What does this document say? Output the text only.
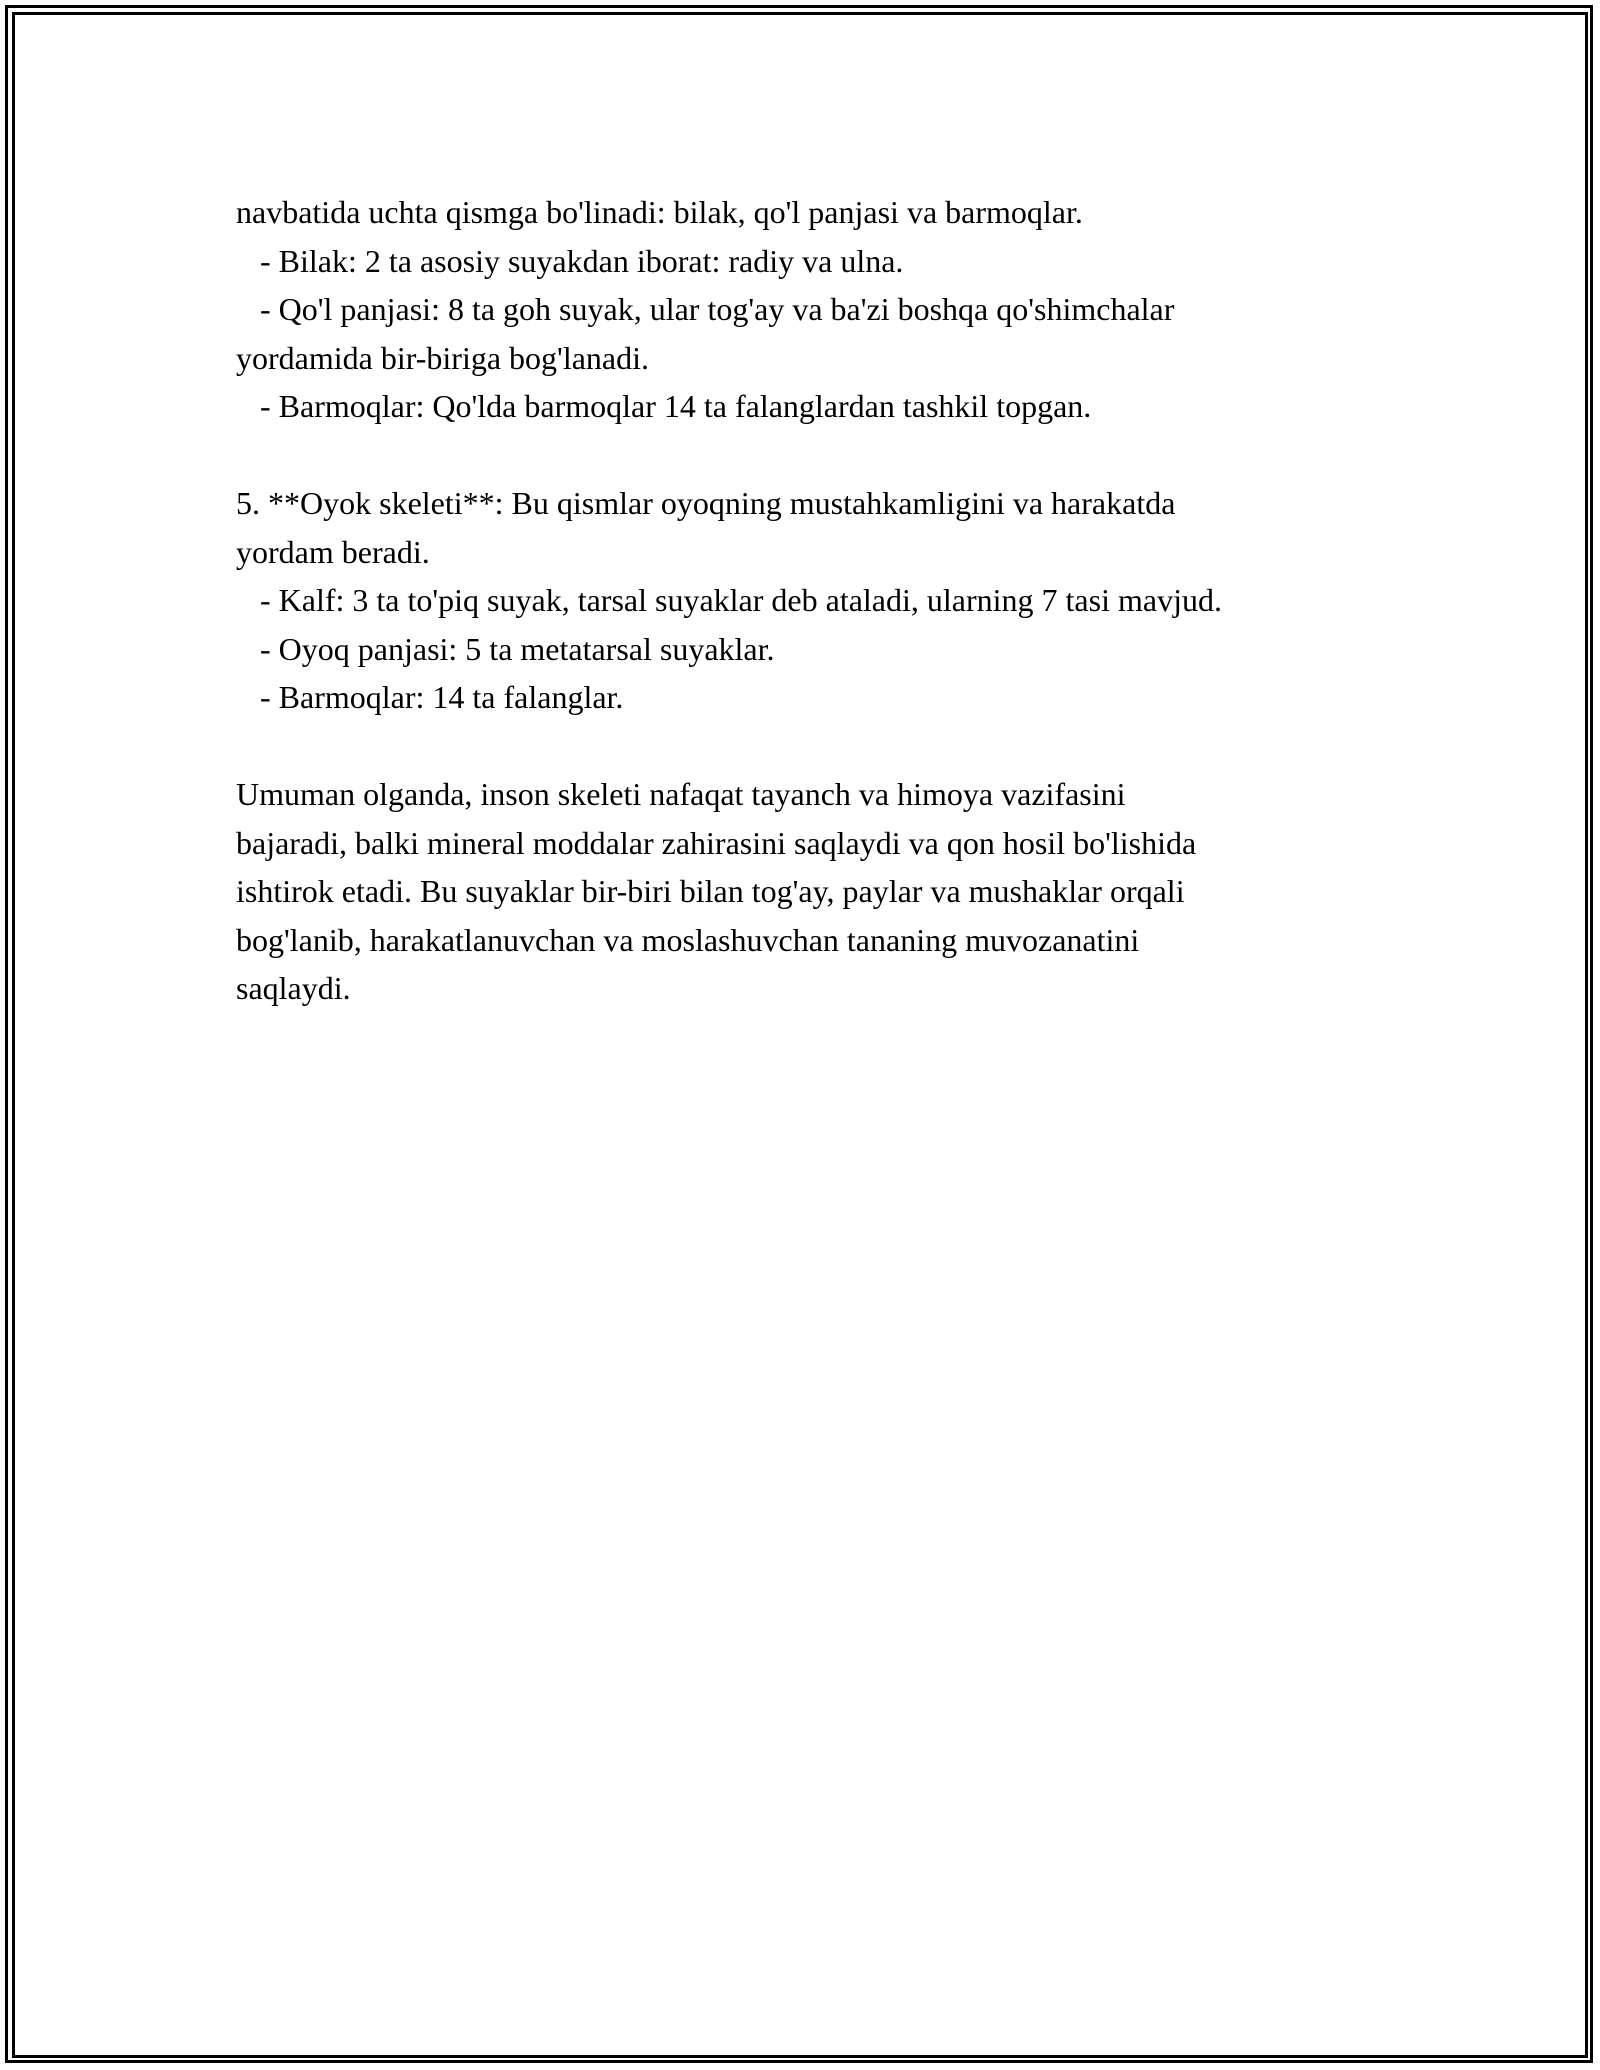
navbatida uchta qismga bo'linadi: bilak, qo'l panjasi va barmoqlar.

- Bilak: 2 ta asosiy suyakdan iborat: radiy va ulna.

- Qo'l panjasi: 8 ta goh suyak, ular tog'ay va ba'zi boshqa qo'shimchalar

yordamida bir-biriga bog'lanadi.

- Barmoqlar: Qo'lda barmoqlar 14 ta falanglardan tashkil topgan.

5. **Oyok skeleti**: Bu qismlar oyoqning mustahkamligini va harakatda

yordam beradi.

- Kalf: 3 ta to'piq suyak, tarsal suyaklar deb ataladi, ularning 7 tasi mavjud.

- Oyoq panjasi: 5 ta metatarsal suyaklar.

- Barmoqlar: 14 ta falanglar.

Umuman olganda, inson skeleti nafaqat tayanch va himoya vazifasini

bajaradi, balki mineral moddalar zahirasini saqlaydi va qon hosil bo'lishida

ishtirok etadi. Bu suyaklar bir-biri bilan tog'ay, paylar va mushaklar orqali

bog'lanib, harakatlanuvchan va moslashuvchan tananing muvozanatini

saqlaydi.
